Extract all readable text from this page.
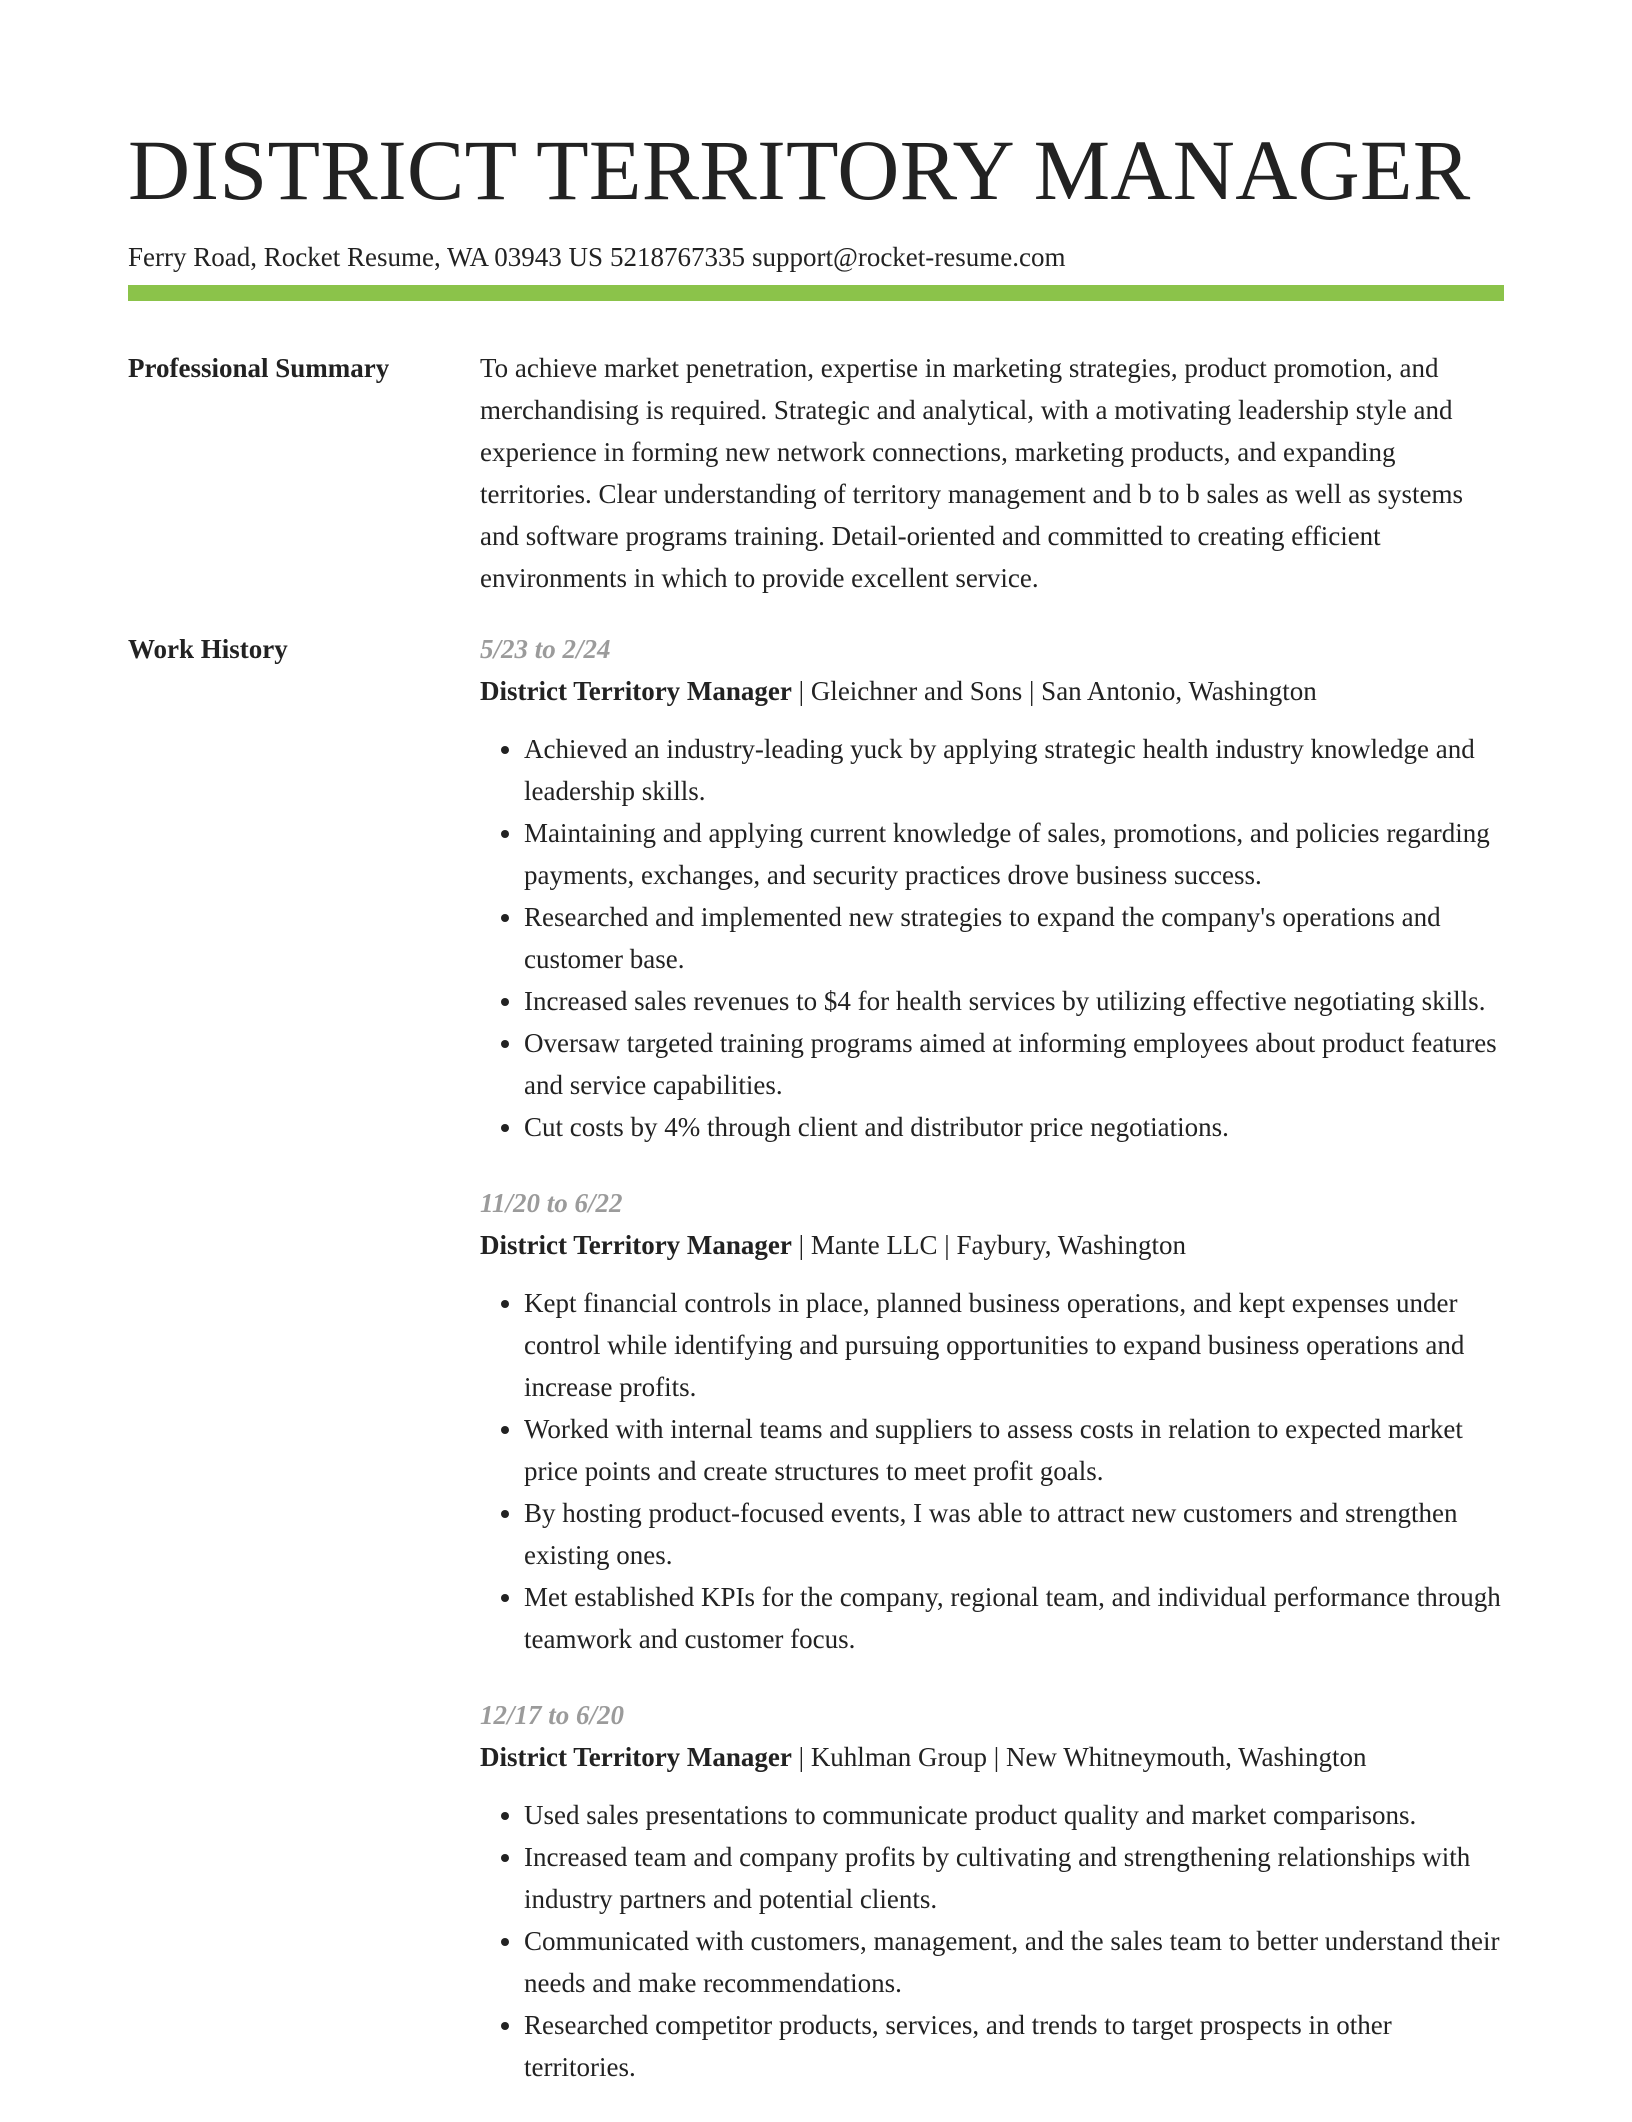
DISTRICT TERRITORY MANAGER
Ferry Road, Rocket Resume, WA 03943 US 5218767335 support@rocket-resume.com
Professional Summary	To achieve market penetration, expertise in marketing strategies, product promotion, and merchandising is required. Strategic and analytical, with a motivating leadership style and experience in forming new network connections, marketing products, and expanding territories. Clear understanding of territory management and b to b sales as well as systems and software programs training. Detail-oriented and committed to creating efficient environments in which to provide excellent service.

Work History	5/23 to 2/24
District Territory Manager | Gleichner and Sons | San Antonio, Washington
• Achieved an industry-leading yuck by applying strategic health industry knowledge and leadership skills.
• Maintaining and applying current knowledge of sales, promotions, and policies regarding payments, exchanges, and security practices drove business success.
• Researched and implemented new strategies to expand the company's operations and customer base.
• Increased sales revenues to $4 for health services by utilizing effective negotiating skills.
• Oversaw targeted training programs aimed at informing employees about product features and service capabilities.
• Cut costs by 4% through client and distributor price negotiations.
11/20 to 6/22
District Territory Manager | Mante LLC | Faybury, Washington
• Kept financial controls in place, planned business operations, and kept expenses under control while identifying and pursuing opportunities to expand business operations and increase profits.
• Worked with internal teams and suppliers to assess costs in relation to expected market price points and create structures to meet profit goals.
• By hosting product-focused events, I was able to attract new customers and strengthen existing ones.
• Met established KPIs for the company, regional team, and individual performance through teamwork and customer focus.
12/17 to 6/20
District Territory Manager | Kuhlman Group | New Whitneymouth, Washington
• Used sales presentations to communicate product quality and market comparisons.
• Increased team and company profits by cultivating and strengthening relationships with industry partners and potential clients.
• Communicated with customers, management, and the sales team to better understand their needs and make recommendations.
• Researched competitor products, services, and trends to target prospects in other territories.
